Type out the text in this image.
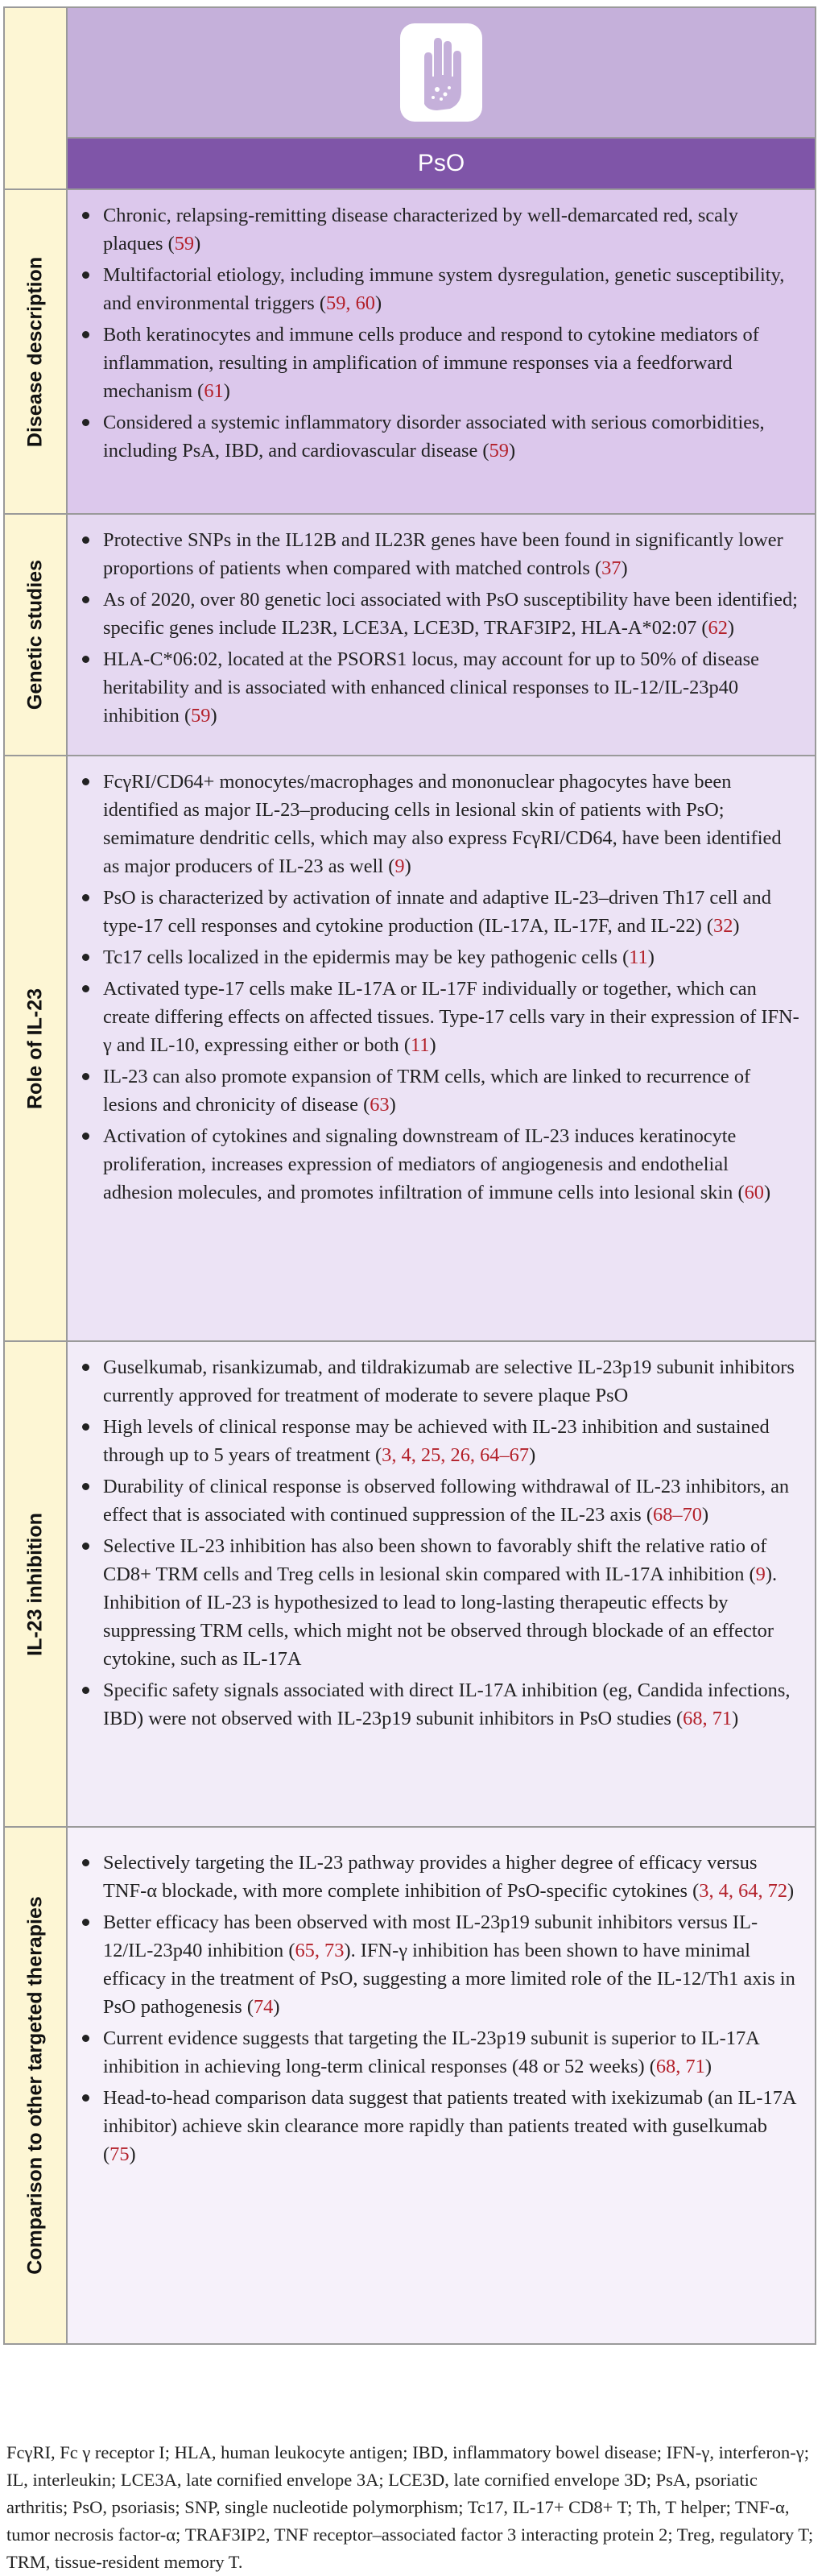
PsO
Disease description
Chronic, relapsing-remitting disease characterized by well-demarcated red, scaly plaques (59)
Multifactorial etiology, including immune system dysregulation, genetic susceptibility, and environmental triggers (59, 60)
Both keratinocytes and immune cells produce and respond to cytokine mediators of inflammation, resulting in amplification of immune responses via a feedforward mechanism (61)
Considered a systemic inflammatory disorder associated with serious comorbidities, including PsA, IBD, and cardiovascular disease (59)
Genetic studies
Protective SNPs in the IL12B and IL23R genes have been found in significantly lower proportions of patients when compared with matched controls (37)
As of 2020, over 80 genetic loci associated with PsO susceptibility have been identified; specific genes include IL23R, LCE3A, LCE3D, TRAF3IP2, HLA-A*02:07 (62)
HLA-C*06:02, located at the PSORS1 locus, may account for up to 50% of disease heritability and is associated with enhanced clinical responses to IL-12/IL-23p40 inhibition (59)
Role of IL-23
FcγRI/CD64+ monocytes/macrophages and mononuclear phagocytes have been identified as major IL-23–producing cells in lesional skin of patients with PsO; semimature dendritic cells, which may also express FcγRI/CD64, have been identified as major producers of IL-23 as well (9)
PsO is characterized by activation of innate and adaptive IL-23–driven Th17 cell and type-17 cell responses and cytokine production (IL-17A, IL-17F, and IL-22) (32)
Tc17 cells localized in the epidermis may be key pathogenic cells (11)
Activated type-17 cells make IL-17A or IL-17F individually or together, which can create differing effects on affected tissues. Type-17 cells vary in their expression of IFN-γ and IL-10, expressing either or both (11)
IL-23 can also promote expansion of TRM cells, which are linked to recurrence of lesions and chronicity of disease (63)
Activation of cytokines and signaling downstream of IL-23 induces keratinocyte proliferation, increases expression of mediators of angiogenesis and endothelial adhesion molecules, and promotes infiltration of immune cells into lesional skin (60)
IL-23 inhibition
Guselkumab, risankizumab, and tildrakizumab are selective IL-23p19 subunit inhibitors currently approved for treatment of moderate to severe plaque PsO
High levels of clinical response may be achieved with IL-23 inhibition and sustained through up to 5 years of treatment (3, 4, 25, 26, 64–67)
Durability of clinical response is observed following withdrawal of IL-23 inhibitors, an effect that is associated with continued suppression of the IL-23 axis (68–70)
Selective IL-23 inhibition has also been shown to favorably shift the relative ratio of CD8+ TRM cells and Treg cells in lesional skin compared with IL-17A inhibition (9). Inhibition of IL-23 is hypothesized to lead to long-lasting therapeutic effects by suppressing TRM cells, which might not be observed through blockade of an effector cytokine, such as IL-17A
Specific safety signals associated with direct IL-17A inhibition (eg, Candida infections, IBD) were not observed with IL-23p19 subunit inhibitors in PsO studies (68, 71)
Comparison to other targeted therapies
Selectively targeting the IL-23 pathway provides a higher degree of efficacy versus TNF-α blockade, with more complete inhibition of PsO-specific cytokines (3, 4, 64, 72)
Better efficacy has been observed with most IL-23p19 subunit inhibitors versus IL-12/IL-23p40 inhibition (65, 73). IFN-γ inhibition has been shown to have minimal efficacy in the treatment of PsO, suggesting a more limited role of the IL-12/Th1 axis in PsO pathogenesis (74)
Current evidence suggests that targeting the IL-23p19 subunit is superior to IL-17A inhibition in achieving long-term clinical responses (48 or 52 weeks) (68, 71)
Head-to-head comparison data suggest that patients treated with ixekizumab (an IL-17A inhibitor) achieve skin clearance more rapidly than patients treated with guselkumab (75)
FcγRI, Fc γ receptor I; HLA, human leukocyte antigen; IBD, inflammatory bowel disease; IFN-γ, interferon-γ; IL, interleukin; LCE3A, late cornified envelope 3A; LCE3D, late cornified envelope 3D; PsA, psoriatic arthritis; PsO, psoriasis; SNP, single nucleotide polymorphism; Tc17, IL-17+ CD8+ T; Th, T helper; TNF-α, tumor necrosis factor-α; TRAF3IP2, TNF receptor–associated factor 3 interacting protein 2; Treg, regulatory T; TRM, tissue-resident memory T.
